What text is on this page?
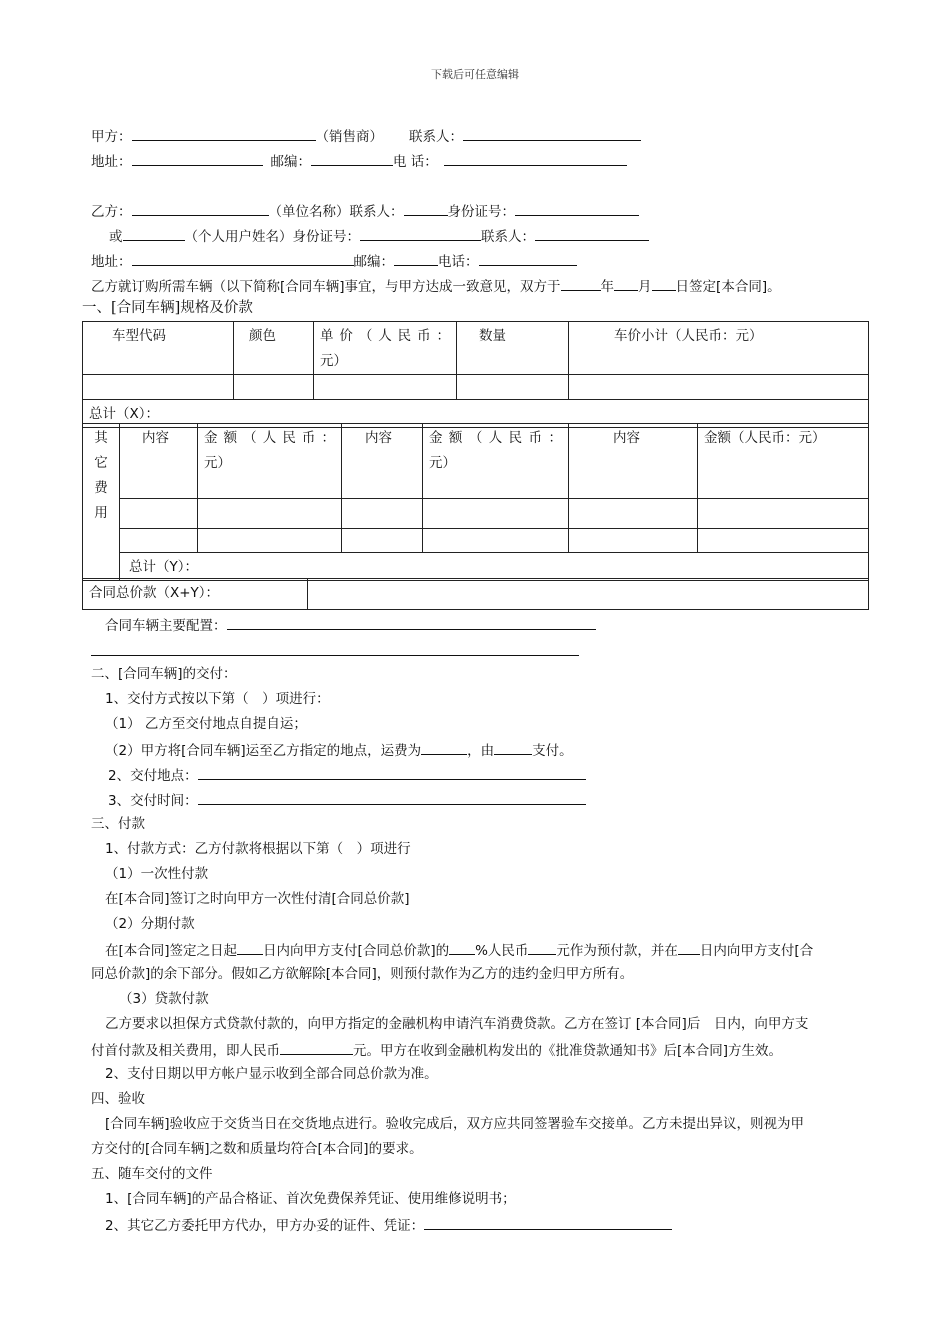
下载后可任意编辑
甲方：	（销售商） 联系人：
地址：	邮编：	电 话：
乙方：	（单位名称）联系人：	身份证号：
或	（个人用户姓名）身份证号：	联系人：
地址：	邮编：	电话：
乙方就订购所需车辆（以下简称[合同车辆]事宜，与甲方达成一致意见，双方于	年 月 日签定[本合同]。
一、[合同车辆]规格及价款
车型代码	颜色	单 价 （ 人 民 币 ：元）	数量	车价小计（人民币：元）

总计（X）：				
其它费用	内容	金 额 （ 人 民 币 ：元）	内容	金 额 （ 人 民 币 ：元）	内容	金额（人民币：元）

	总计（Y）：					
合同总价款（X+Y）：	
合同车辆主要配置：
二、[合同车辆]的交付：
1、交付方式按以下第（　）项进行：
（1） 乙方至交付地点自提自运；
（2）甲方将[合同车辆]运至乙方指定的地点，运费为	，由	支付。
2、交付地点：
3、交付时间：
三、付款
1、付款方式：乙方付款将根据以下第（　）项进行
（1）一次性付款
在[本合同]签订之时向甲方一次性付清[合同总价款]
（2）分期付款
在[本合同]签定之日起 日内向甲方支付[合同总价款]的 %人民币 元作为预付款，并在 日内向甲方支付[合
同总价款]的余下部分。假如乙方欲解除[本合同]，则预付款作为乙方的违约金归甲方所有。
（3）贷款付款
乙方要求以担保方式贷款付款的，向甲方指定的金融机构申请汽车消费贷款。乙方在签订 [本合同]后　日内，向甲方支
付首付款及相关费用，即人民币	元。甲方在收到金融机构发出的《批准贷款通知书》后[本合同]方生效。
2、支付日期以甲方帐户显示收到全部合同总价款为准。
四、验收
[合同车辆]验收应于交货当日在交货地点进行。验收完成后，双方应共同签署验车交接单。乙方未提出异议，则视为甲
方交付的[合同车辆]之数和质量均符合[本合同]的要求。
五、随车交付的文件
1、[合同车辆]的产品合格证、首次免费保养凭证、使用维修说明书；
2、其它乙方委托甲方代办，甲方办妥的证件、凭证：
